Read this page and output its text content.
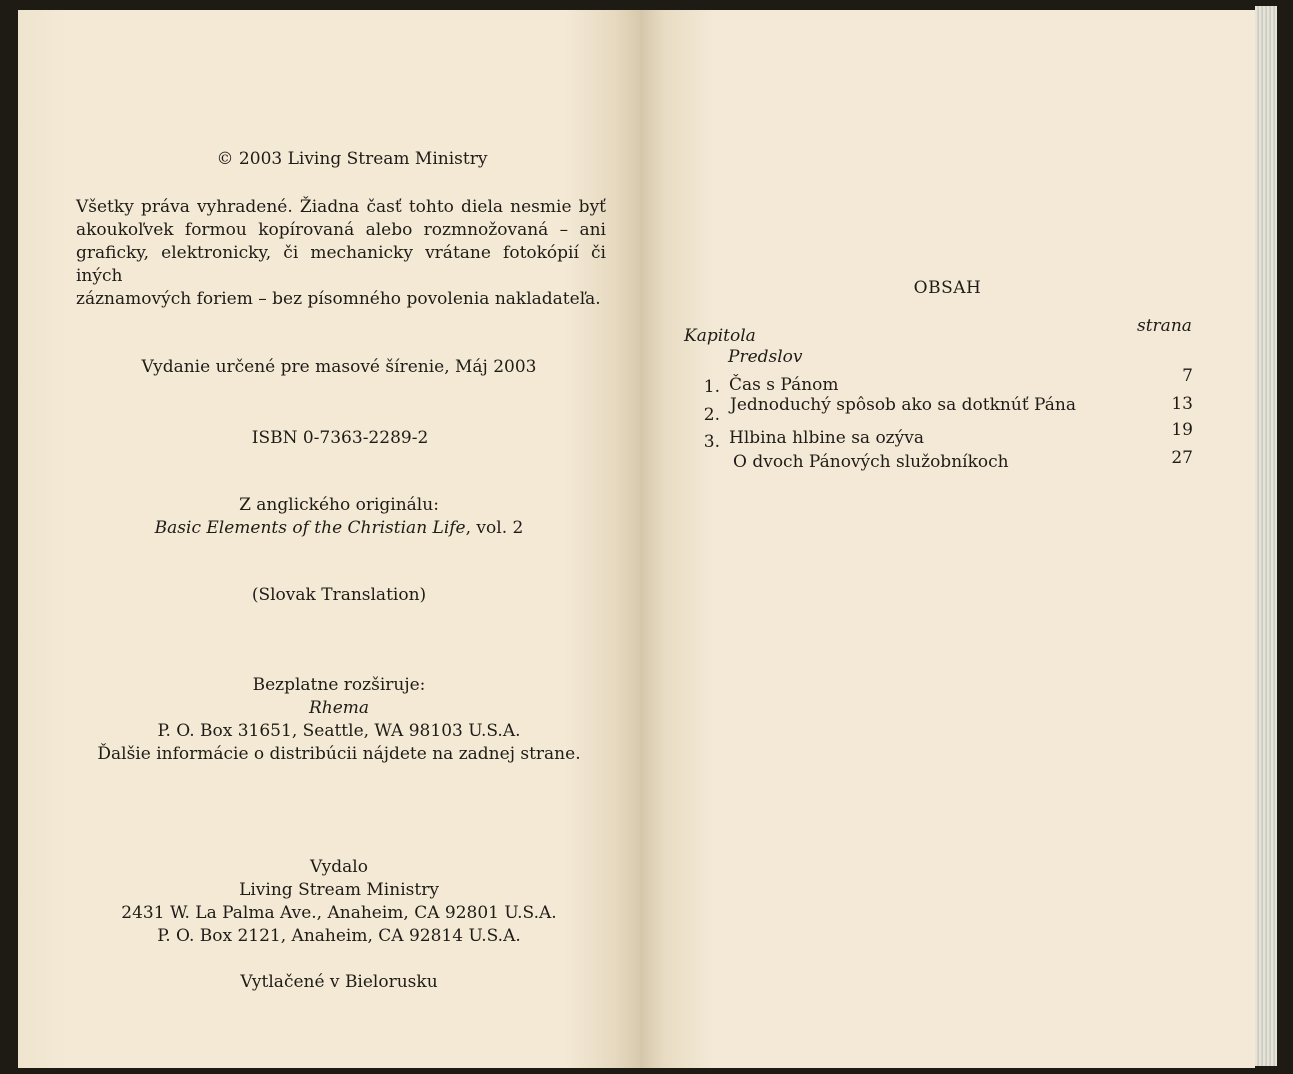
© 2003 Living Stream Ministry
Všetky práva vyhradené. Žiadna časť tohto diela nesmie byť
akoukoľvek formou kopírovaná alebo rozmnožovaná – ani
graficky, elektronicky, či mechanicky vrátane fotokópií či iných
záznamových foriem – bez písomného povolenia nakladateľa.
Vydanie určené pre masové šírenie, Máj 2003
ISBN 0-7363-2289-2
Z anglického originálu:
Basic Elements of the Christian Life, vol. 2
(Slovak Translation)
Bezplatne rozširuje:
Rhema
P. O. Box 31651, Seattle, WA 98103 U.S.A.
Ďalšie informácie o distribúcii nájdete na zadnej strane.
Vydalo
Living Stream Ministry
2431 W. La Palma Ave., Anaheim, CA 92801 U.S.A.
P. O. Box 2121, Anaheim, CA 92814 U.S.A.
Vytlačené v Bielorusku
OBSAH
Kapitola	strana
Predslov
1. Čas s Pánom	7
2. Jednoduchý spôsob ako sa dotknúť Pána	13
3. Hlbina hlbine sa ozýva	19
O dvoch Pánových služobníkoch	27
